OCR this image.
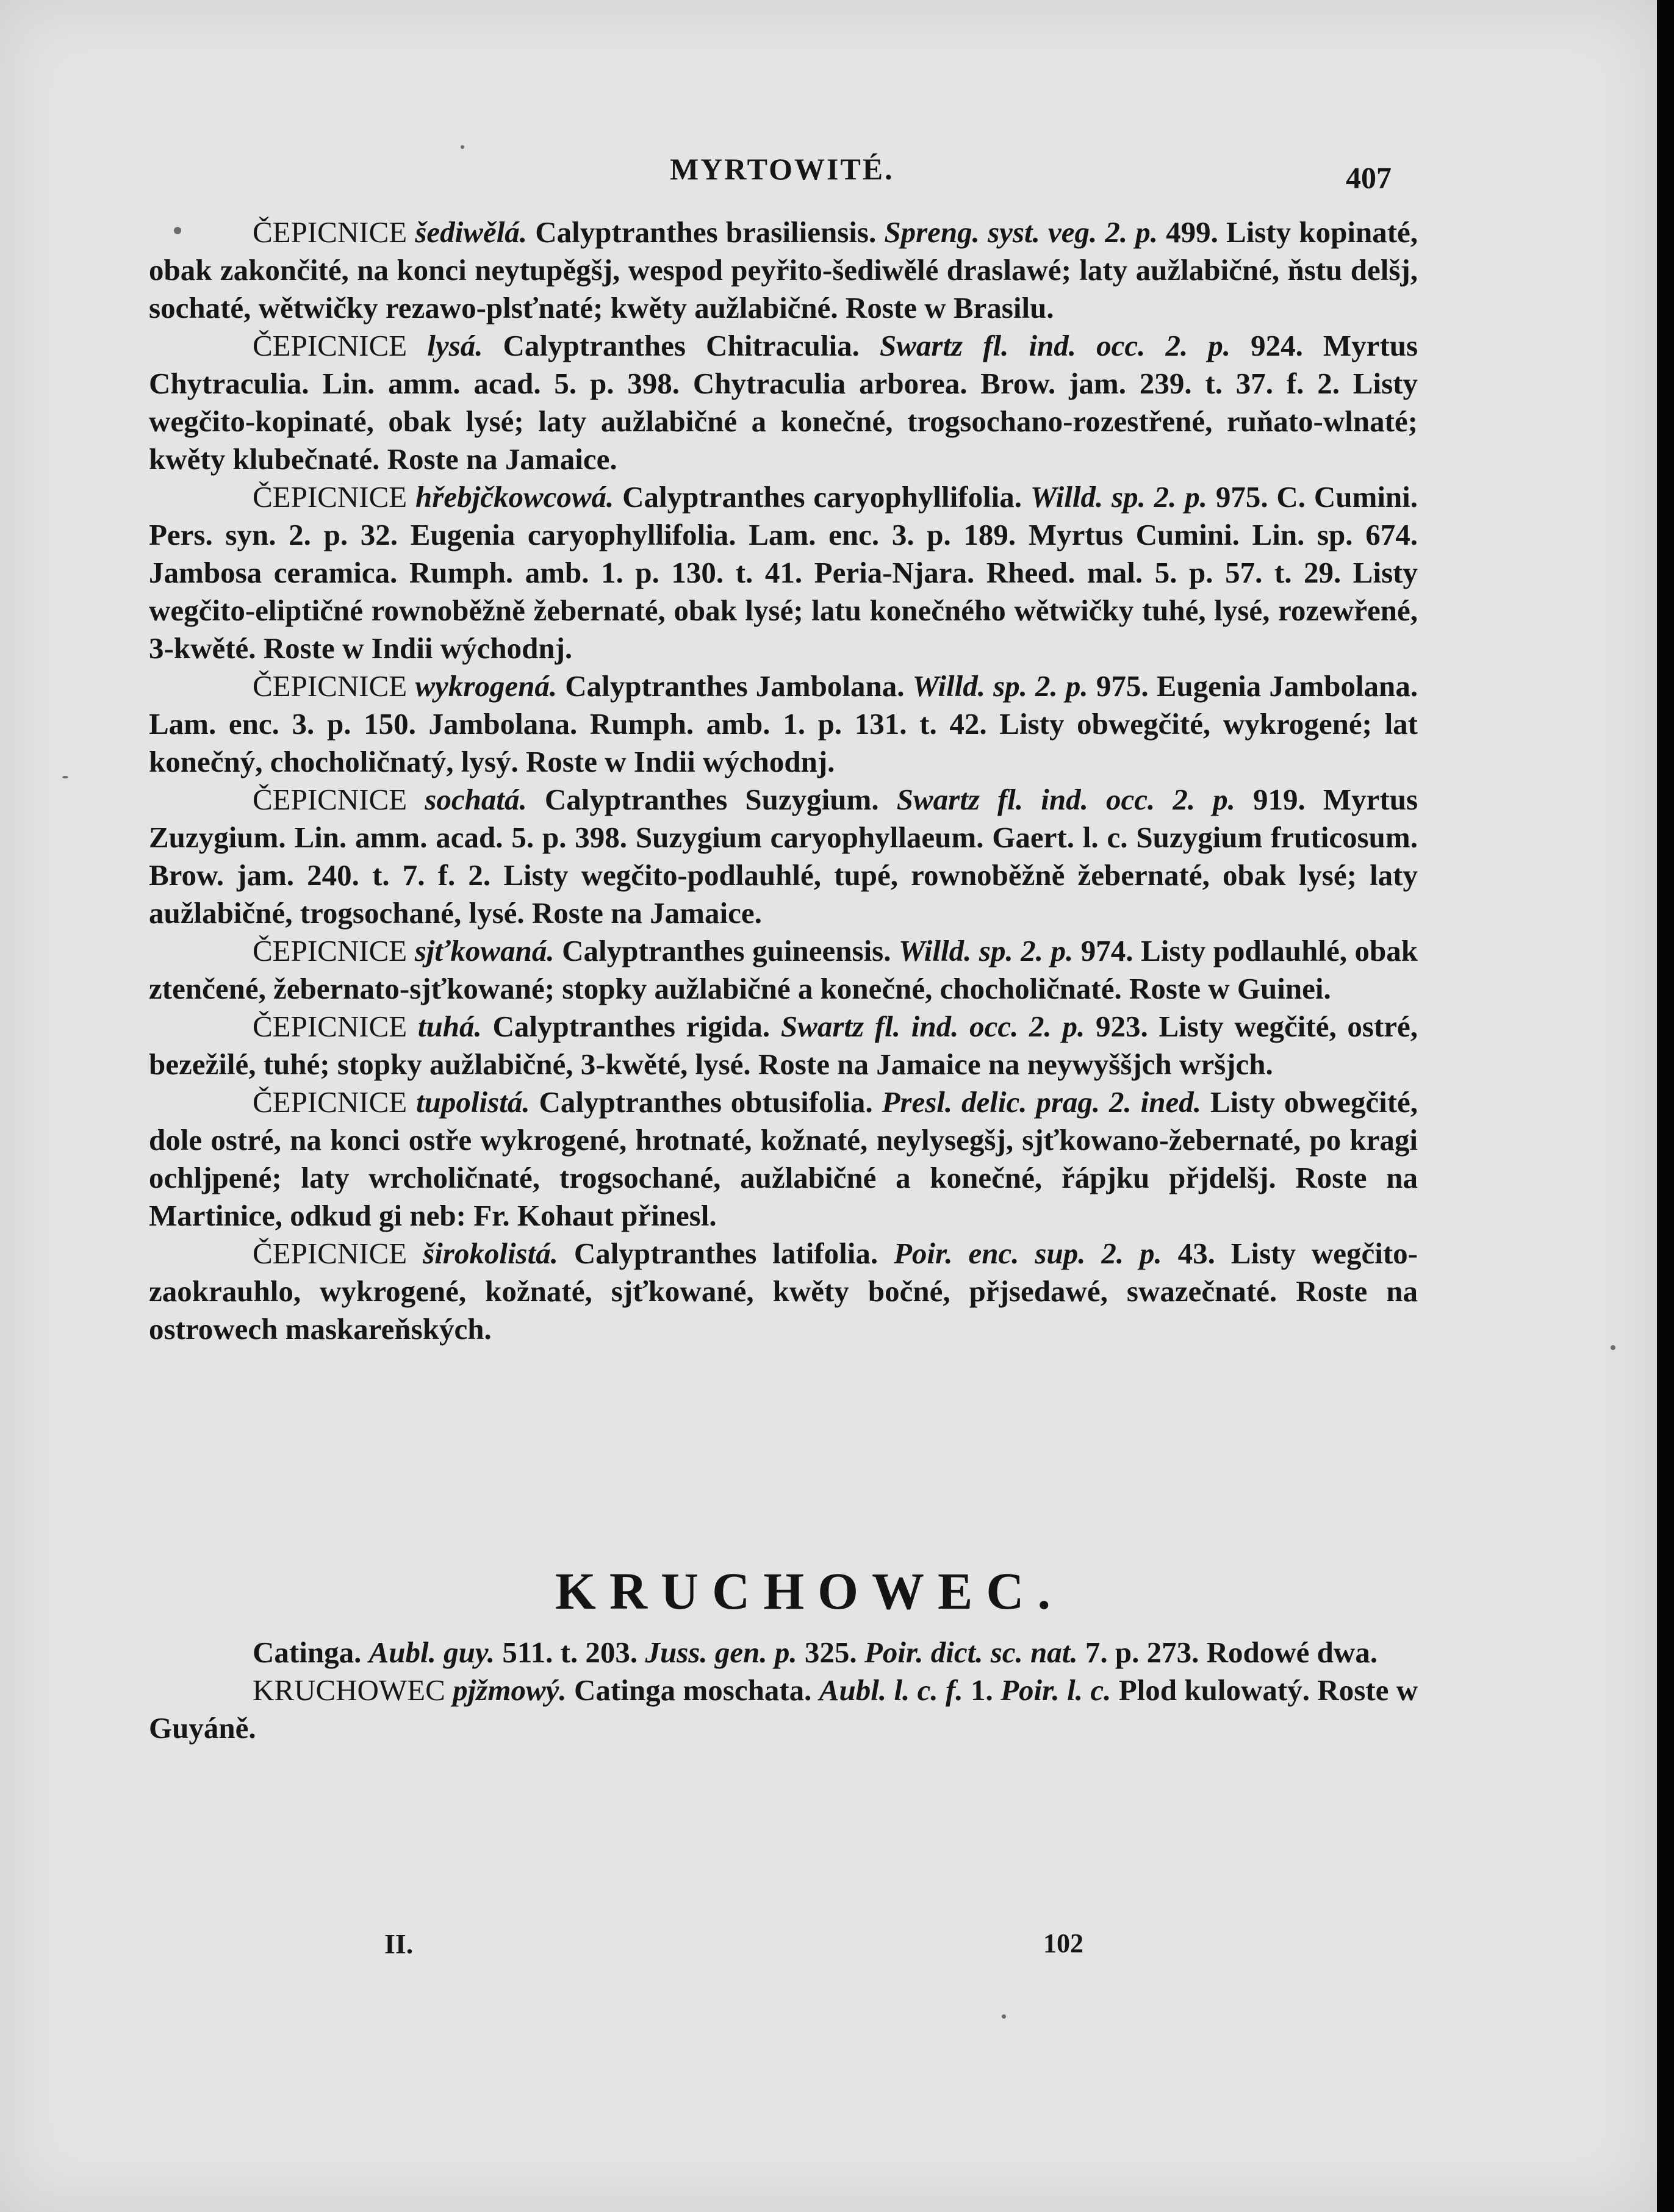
MYRTOWITÉ.	407

ČEPICNICE šediwělá. Calyptranthes brasiliensis. Spreng. syst. veg. 2. p. 499. Listy kopinaté, obak zakončité, na konci neytupěgšj, wespod peyřito-šediwělé draslawé; laty aužlabičné, ňstu delšj, sochaté, wětwičky rezawo-plsťnaté; kwěty aužlabičné. Roste w Brasilu.

ČEPICNICE lysá. Calyptranthes Chitraculia. Swartz fl. ind. occ. 2. p. 924. Myrtus Chytraculia. Lin. amm. acad. 5. p. 398. Chytraculia arborea. Brow. jam. 239. t. 37. f. 2. Listy wegčito-kopinaté, obak lysé; laty aužlabičné a konečné, trogsochano-rozestřené, ruňato-wlnaté; kwěty klubečnaté. Roste na Jamaice.

ČEPICNICE hřebjčkowcowá. Calyptranthes caryophyllifolia. Willd. sp. 2. p. 975. C. Cumini. Pers. syn. 2. p. 32. Eugenia caryophyllifolia. Lam. enc. 3. p. 189. Myrtus Cumini. Lin. sp. 674. Jambosa ceramica. Rumph. amb. 1. p. 130. t. 41. Peria-Njara. Rheed. mal. 5. p. 57. t. 29. Listy wegčito-eliptičné rownoběžně žebernaté, obak lysé; latu konečného wětwičky tuhé, lysé, rozewřené, 3-kwěté. Roste w Indii wýchodnj.

ČEPICNICE wykrogená. Calyptranthes Jambolana. Willd. sp. 2. p. 975. Eugenia Jambolana. Lam. enc. 3. p. 150. Jambolana. Rumph. amb. 1. p. 131. t. 42. Listy obwegčité, wykrogené; lat konečný, chocholičnatý, lysý. Roste w Indii wýchodnj.

ČEPICNICE sochatá. Calyptranthes Suzygium. Swartz fl. ind. occ. 2. p. 919. Myrtus Zuzygium. Lin. amm. acad. 5. p. 398. Suzygium caryophyllaeum. Gaert. l. c. Suzygium fruticosum. Brow. jam. 240. t. 7. f. 2. Listy wegčito-podlauhlé, tupé, rownoběžně žebernaté, obak lysé; laty aužlabičné, trogsochané, lysé. Roste na Jamaice.

ČEPICNICE sjťkowaná. Calyptranthes guineensis. Willd. sp. 2. p. 974. Listy podlauhlé, obak ztenčené, žebernato-sjťkowané; stopky aužlabičné a konečné, chocholičnaté. Roste w Guinei.

ČEPICNICE tuhá. Calyptranthes rigida. Swartz fl. ind. occ. 2. p. 923. Listy wegčité, ostré, bezežilé, tuhé; stopky aužlabičné, 3-kwěté, lysé. Roste na Jamaice na neywyššjch wršjch.

ČEPICNICE tupolistá. Calyptranthes obtusifolia. Presl. delic. prag. 2. ined. Listy obwegčité, dole ostré, na konci ostře wykrogené, hrotnaté, kožnaté, neylysegšj, sjťkowano-žebernaté, po kragi ochljpené; laty wrcholičnaté, trogsochané, aužlabičné a konečné, řápjku přjdelšj. Roste na Martinice, odkud gi neb: Fr. Kohaut přinesl.

ČEPICNICE širokolistá. Calyptranthes latifolia. Poir. enc. sup. 2. p. 43. Listy wegčito-zaokrauhlo, wykrogené, kožnaté, sjťkowané, kwěty bočné, přjsedawé, swazečnaté. Roste na ostrowech maskareňských.

KRUCHOWEC.

Catinga. Aubl. guy. 511. t. 203. Juss. gen. p. 325. Poir. dict. sc. nat. 7. p. 273. Rodowé dwa.

KRUCHOWEC pjžmowý. Catinga moschata. Aubl. l. c. f. 1. Poir. l. c. Plod kulowatý. Roste w Guyáně.

II.	102
